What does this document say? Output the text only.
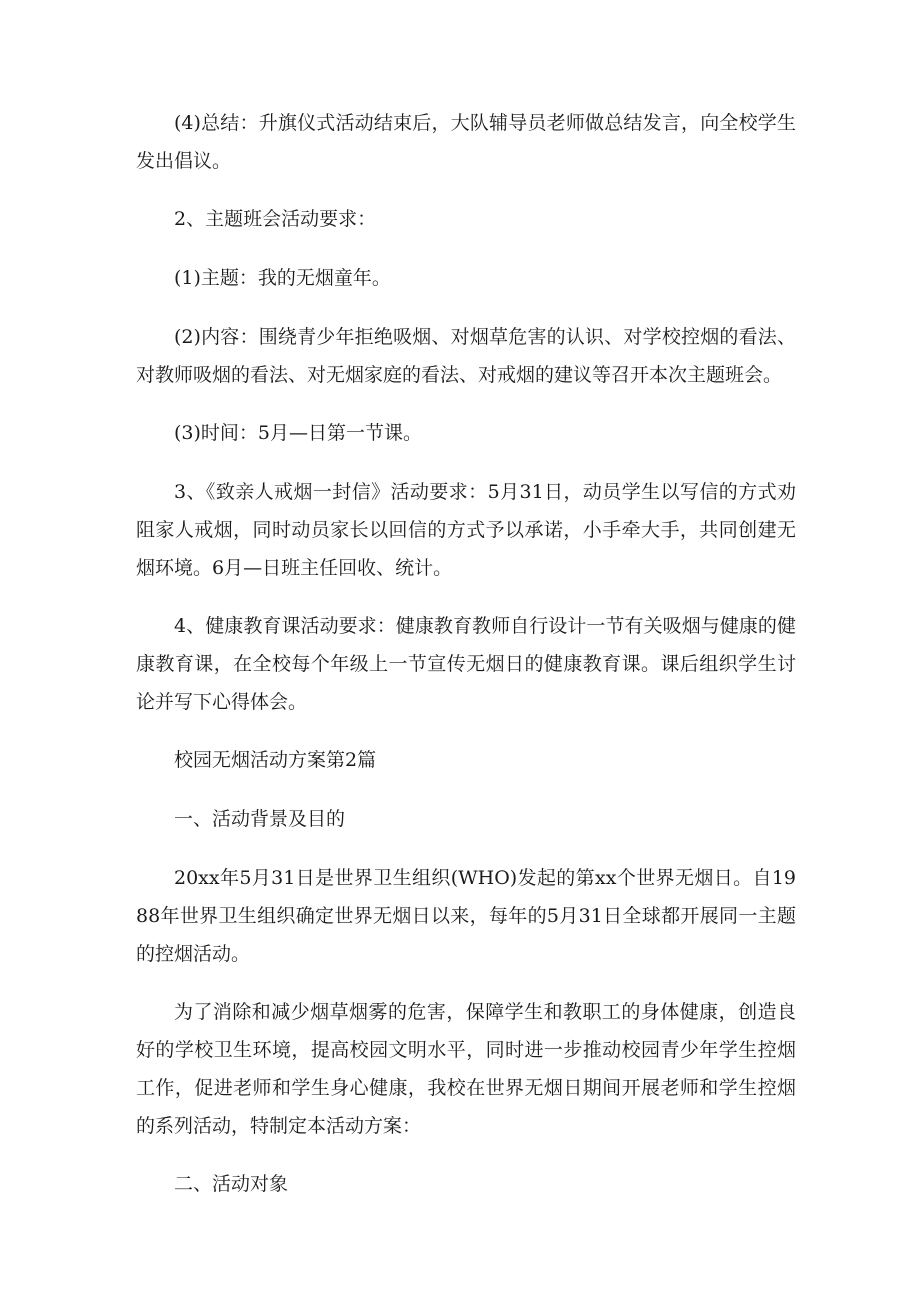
(4)总结：升旗仪式活动结束后，大队辅导员老师做总结发言，向全校学生发出倡议。

2、主题班会活动要求：

(1)主题：我的无烟童年。

(2)内容：围绕青少年拒绝吸烟、对烟草危害的认识、对学校控烟的看法、对教师吸烟的看法、对无烟家庭的看法、对戒烟的建议等召开本次主题班会。

(3)时间：5月—日第一节课。

3、《致亲人戒烟一封信》活动要求：5月31日，动员学生以写信的方式劝阻家人戒烟，同时动员家长以回信的方式予以承诺，小手牵大手，共同创建无烟环境。6月—日班主任回收、统计。

4、健康教育课活动要求：健康教育教师自行设计一节有关吸烟与健康的健康教育课，在全校每个年级上一节宣传无烟日的健康教育课。课后组织学生讨论并写下心得体会。

校园无烟活动方案第2篇

一、活动背景及目的

20xx年5月31日是世界卫生组织(WHO)发起的第xx个世界无烟日。自1988年世界卫生组织确定世界无烟日以来，每年的5月31日全球都开展同一主题的控烟活动。

为了消除和减少烟草烟雾的危害，保障学生和教职工的身体健康，创造良好的学校卫生环境，提高校园文明水平，同时进一步推动校园青少年学生控烟工作，促进老师和学生身心健康，我校在世界无烟日期间开展老师和学生控烟的系列活动，特制定本活动方案：

二、活动对象
